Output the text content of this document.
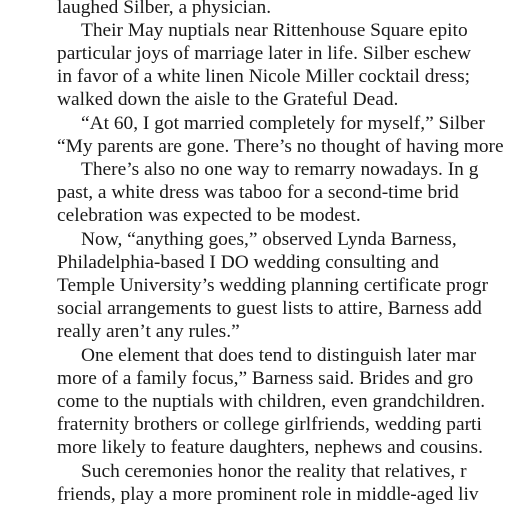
laughed Silber, a physician.
Their May nuptials near Rittenhouse Square epito
particular joys of marriage later in life. Silber eschew
in favor of a white linen Nicole Miller cocktail dress;
walked down the aisle to the Grateful Dead.
“At 60, I got married completely for myself,” Silber
“My parents are gone. There’s no thought of having more
There’s also no one way to remarry nowadays. In g
past, a white dress was taboo for a second-time brid
celebration was expected to be modest.
Now, “anything goes,” observed Lynda Barness,
Philadelphia-based I DO wedding consulting and
Temple University’s wedding planning certificate progr
social arrangements to guest lists to attire, Barness add
really aren’t any rules.”
One element that does tend to distinguish later mar
more of a family focus,” Barness said. Brides and gro
come to the nuptials with children, even grandchildren.
fraternity brothers or college girlfriends, wedding parti
more likely to feature daughters, nephews and cousins.
Such ceremonies honor the reality that relatives, r
friends, play a more prominent role in middle-aged liv
